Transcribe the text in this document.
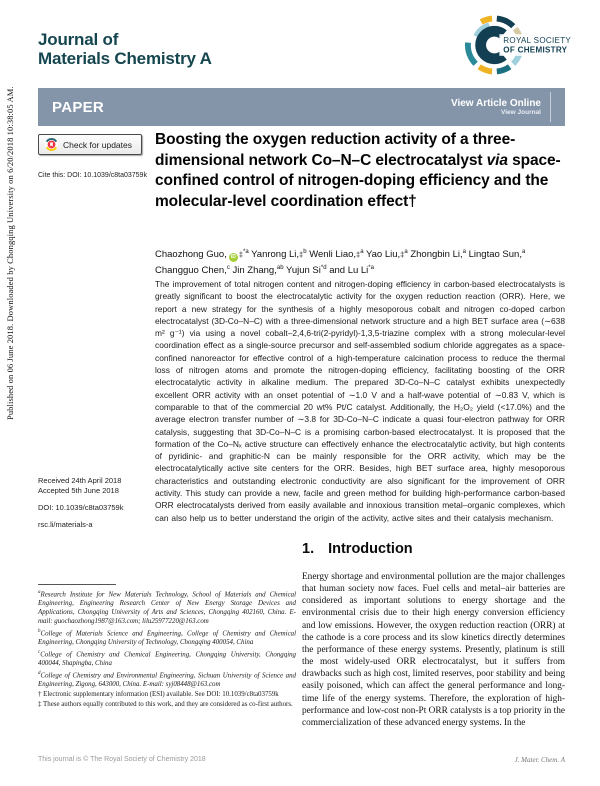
Published on 06 June 2018. Downloaded by Chongqing University on 6/20/2018 10:38:05 AM.
Journal of
Materials Chemistry A
ROYAL SOCIETY
OF CHEMISTRY
PAPER	View Article Online
View Journal
Check for updates
Cite this: DOI: 10.1039/c8ta03759k
Boosting the oxygen reduction activity of a three-dimensional network Co–N–C electrocatalyst via space-confined control of nitrogen-doping efficiency and the molecular-level coordination effect†
Chaozhong Guo, iD ‡$^{*a}$ Yanrong Li,‡$^b$ Wenli Liao,‡$^a$ Yao Liu,‡$^a$ Zhongbin Li,$^a$ Lingtao Sun,$^a$ Changguo Chen,$^c$ Jin Zhang,$^{ab}$ Yujun Si$^{*d}$ and Lu Li$^{*a}$

The improvement of total nitrogen content and nitrogen-doping efficiency in carbon-based electrocatalysts is greatly significant to boost the electrocatalytic activity for the oxygen reduction reaction (ORR). Here, we report a new strategy for the synthesis of a highly mesoporous cobalt and nitrogen co-doped carbon electrocatalyst (3D-Co–N–C) with a three-dimensional network structure and a high BET surface area (∼638 m² g⁻¹) via using a novel cobalt–2,4,6-tri(2-pyridyl)-1,3,5-triazine complex with a strong molecular-level coordination effect as a single-source precursor and self-assembled sodium chloride aggregates as a space-confined nanoreactor for effective control of a high-temperature calcination process to reduce the thermal loss of nitrogen atoms and promote the nitrogen-doping efficiency, facilitating boosting of the ORR electrocatalytic activity in alkaline medium. The prepared 3D-Co–N–C catalyst exhibits unexpectedly excellent ORR activity with an onset potential of ∼1.0 V and a half-wave potential of ∼0.83 V, which is comparable to that of the commercial 20 wt% Pt/C catalyst. Additionally, the H₂O₂ yield (<17.0%) and the average electron transfer number of ∼3.8 for 3D-Co–N–C indicate a quasi four-electron pathway for ORR catalysis, suggesting that 3D-Co–N–C is a promising carbon-based electrocatalyst. It is proposed that the formation of the Co–Nₓ active structure can effectively enhance the electrocatalytic activity, but high contents of pyridinic- and graphitic-N can be mainly responsible for the ORR activity, which may be the electrocatalytically active site centers for the ORR. Besides, high BET surface area, highly mesoporous characteristics and outstanding electronic conductivity are also significant for the improvement of ORR activity. This study can provide a new, facile and green method for building high-performance carbon-based ORR electrocatalysts derived from easily available and innoxious transition metal–organic complexes, which can also help us to better understand the origin of the activity, active sites and their catalysis mechanism.

Received 24th April 2018
Accepted 5th June 2018
DOI: 10.1039/c8ta03759k
rsc.li/materials-a
1. Introduction

Energy shortage and environmental pollution are the major challenges that human society now faces. Fuel cells and metal–air batteries are considered as important solutions to energy shortage and the environmental crisis due to their high energy conversion efficiency and low emissions. However, the oxygen reduction reaction (ORR) at the cathode is a core process and its slow kinetics directly determines the performance of these energy systems. Presently, platinum is still the most widely-used ORR electrocatalyst, but it suffers from drawbacks such as high cost, limited reserves, poor stability and being easily poisoned, which can affect the general performance and long-time life of the energy systems. Therefore, the exploration of high-performance and low-cost non-Pt ORR catalysts is a top priority in the commercialization of these advanced energy systems. In the

$^a$Research Institute for New Materials Technology, School of Materials and Chemical Engineering, Engineering Research Center of New Energy Storage Devices and Applications, Chongqing University of Arts and Sciences, Chongqing 402160, China. E-mail: guochaozhong1987@163.com; lilu25977220@163.com
$^b$College of Materials Science and Engineering, College of Chemistry and Chemical Engineering, Chongqing University of Technology, Chongqing 400054, China
$^c$College of Chemistry and Chemical Engineering, Chongqing University, Chongqing 400044, Shapingba, China
$^d$College of Chemistry and Environmental Engineering, Sichuan University of Science and Engineering, Zigong, 643000, China. E-mail: syj08448@163.com
† Electronic supplementary information (ESI) available. See DOI: 10.1039/c8ta03759k
‡ These authors equally contributed to this work, and they are considered as co-first authors.
This journal is © The Royal Society of Chemistry 2018	J. Mater. Chem. A
